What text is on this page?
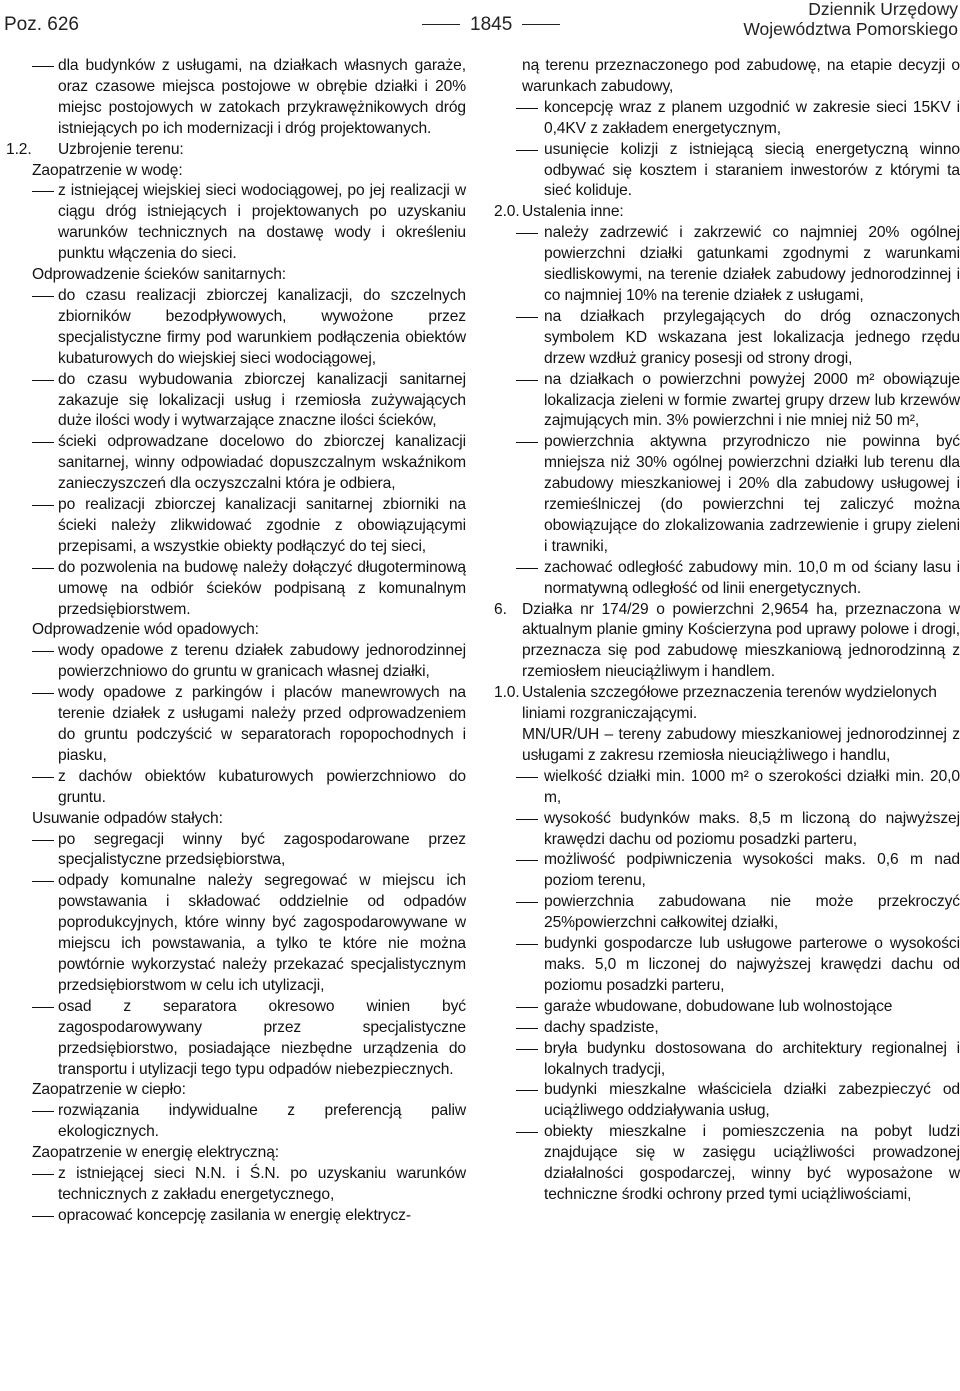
Poz. 626	1845
Dziennik Urzędowy
Województwa Pomorskiego
dla budynków z usługami, na działkach własnych garaże, oraz czasowe miejsca postojowe w obrębie działki i 20% miejsc postojowych w zatokach przykrawężnikowych dróg istniejących po ich modernizacji i dróg projektowanych.
1.2. Uzbrojenie terenu:
Zaopatrzenie w wodę:
z istniejącej wiejskiej sieci wodociągowej, po jej realizacji w ciągu dróg istniejących i projektowanych po uzyskaniu warunków technicznych na dostawę wody i określeniu punktu włączenia do sieci.
Odprowadzenie ścieków sanitarnych:
do czasu realizacji zbiorczej kanalizacji, do szczelnych zbiorników bezodpływowych, wywożone przez specjalistyczne firmy pod warunkiem podłączenia obiektów kubaturowych do wiejskiej sieci wodociągowej,
do czasu wybudowania zbiorczej kanalizacji sanitarnej zakazuje się lokalizacji usług i rzemiosła zużywających duże ilości wody i wytwarzające znaczne ilości ścieków,
ścieki odprowadzane docelowo do zbiorczej kanalizacji sanitarnej, winny odpowiadać dopuszczalnym wskaźnikom zanieczyszczeń dla oczyszczalni która je odbiera,
po realizacji zbiorczej kanalizacji sanitarnej zbiorniki na ścieki należy zlikwidować zgodnie z obowiązującymi przepisami, a wszystkie obiekty podłączyć do tej sieci,
do pozwolenia na budowę należy dołączyć długoterminową umowę na odbiór ścieków podpisaną z komunalnym przedsiębiorstwem.
Odprowadzenie wód opadowych:
wody opadowe z terenu działek zabudowy jednorodzinnej powierzchniowo do gruntu w granicach własnej działki,
wody opadowe z parkingów i placów manewrowych na terenie działek z usługami należy przed odprowadzeniem do gruntu podczyścić w separatorach ropopochodnych i piasku,
z dachów obiektów kubaturowych powierzchniowo do gruntu.
Usuwanie odpadów stałych:
po segregacji winny być zagospodarowane przez specjalistyczne przedsiębiorstwa,
odpady komunalne należy segregować w miejscu ich powstawania i składować oddzielnie od odpadów poprodukcyjnych, które winny być zagospodarowywane w miejscu ich powstawania, a tylko te które nie można powtórnie wykorzystać należy przekazać specjalistycznym przedsiębiorstwom w celu ich utylizacji,
osad z separatora okresowo winien być zagospodarowywany przez specjalistyczne przedsiębiorstwo, posiadające niezbędne urządzenia do transportu i utylizacji tego typu odpadów niebezpiecznych.
Zaopatrzenie w ciepło:
rozwiązania indywidualne z preferencją paliw ekologicznych.
Zaopatrzenie w energię elektryczną:
z istniejącej sieci N.N. i Ś.N. po uzyskaniu warunków technicznych z zakładu energetycznego,
opracować koncepcję zasilania w energię elektrycz-
ną terenu przeznaczonego pod zabudowę, na etapie decyzji o warunkach zabudowy,
koncepcję wraz z planem uzgodnić w zakresie sieci 15KV i 0,4KV z zakładem energetycznym,
usunięcie kolizji z istniejącą siecią energetyczną winno odbywać się kosztem i staraniem inwestorów z którymi ta sieć koliduje.
2.0. Ustalenia inne:
należy zadrzewić i zakrzewić co najmniej 20% ogólnej powierzchni działki gatunkami zgodnymi z warunkami siedliskowymi, na terenie działek zabudowy jednorodzinnej i co najmniej 10% na terenie działek z usługami,
na działkach przylegających do dróg oznaczonych symbolem KD wskazana jest lokalizacja jednego rzędu drzew wzdłuż granicy posesji od strony drogi,
na działkach o powierzchni powyżej 2000 m² obowiązuje lokalizacja zieleni w formie zwartej grupy drzew lub krzewów zajmujących min. 3% powierzchni i nie mniej niż 50 m²,
powierzchnia aktywna przyrodniczo nie powinna być mniejsza niż 30% ogólnej powierzchni działki lub terenu dla zabudowy mieszkaniowej i 20% dla zabudowy usługowej i rzemieślniczej (do powierzchni tej zaliczyć można obowiązujące do zlokalizowania zadrzewienie i grupy zieleni i trawniki,
zachować odległość zabudowy min. 10,0 m od ściany lasu i normatywną odległość od linii energetycznych.
6. Działka nr 174/29 o powierzchni 2,9654 ha, przeznaczona w aktualnym planie gminy Kościerzyna pod uprawy polowe i drogi, przeznacza się pod zabudowę mieszkaniową jednorodzinną z rzemiosłem nieuciążliwym i handlem.
1.0. Ustalenia szczegółowe przeznaczenia terenów wydzielonych liniami rozgraniczającymi.
MN/UR/UH – tereny zabudowy mieszkaniowej jednorodzinnej z usługami z zakresu rzemiosła nieuciążliwego i handlu,
wielkość działki min. 1000 m² o szerokości działki min. 20,0 m,
wysokość budynków maks. 8,5 m liczoną do najwyższej krawędzi dachu od poziomu posadzki parteru,
możliwość podpiwniczenia wysokości maks. 0,6 m nad poziom terenu,
powierzchnia zabudowana nie może przekroczyć 25%powierzchni całkowitej działki,
budynki gospodarcze lub usługowe parterowe o wysokości maks. 5,0 m liczonej do najwyższej krawędzi dachu od poziomu posadzki parteru,
garaże wbudowane, dobudowane lub wolnostojące
dachy spadziste,
bryła budynku dostosowana do architektury regionalnej i lokalnych tradycji,
budynki mieszkalne właściciela działki zabezpieczyć od uciążliwego oddziaływania usług,
obiekty mieszkalne i pomieszczenia na pobyt ludzi znajdujące się w zasięgu uciążliwości prowadzonej działalności gospodarczej, winny być wyposażone w techniczne środki ochrony przed tymi uciążliwościami,
